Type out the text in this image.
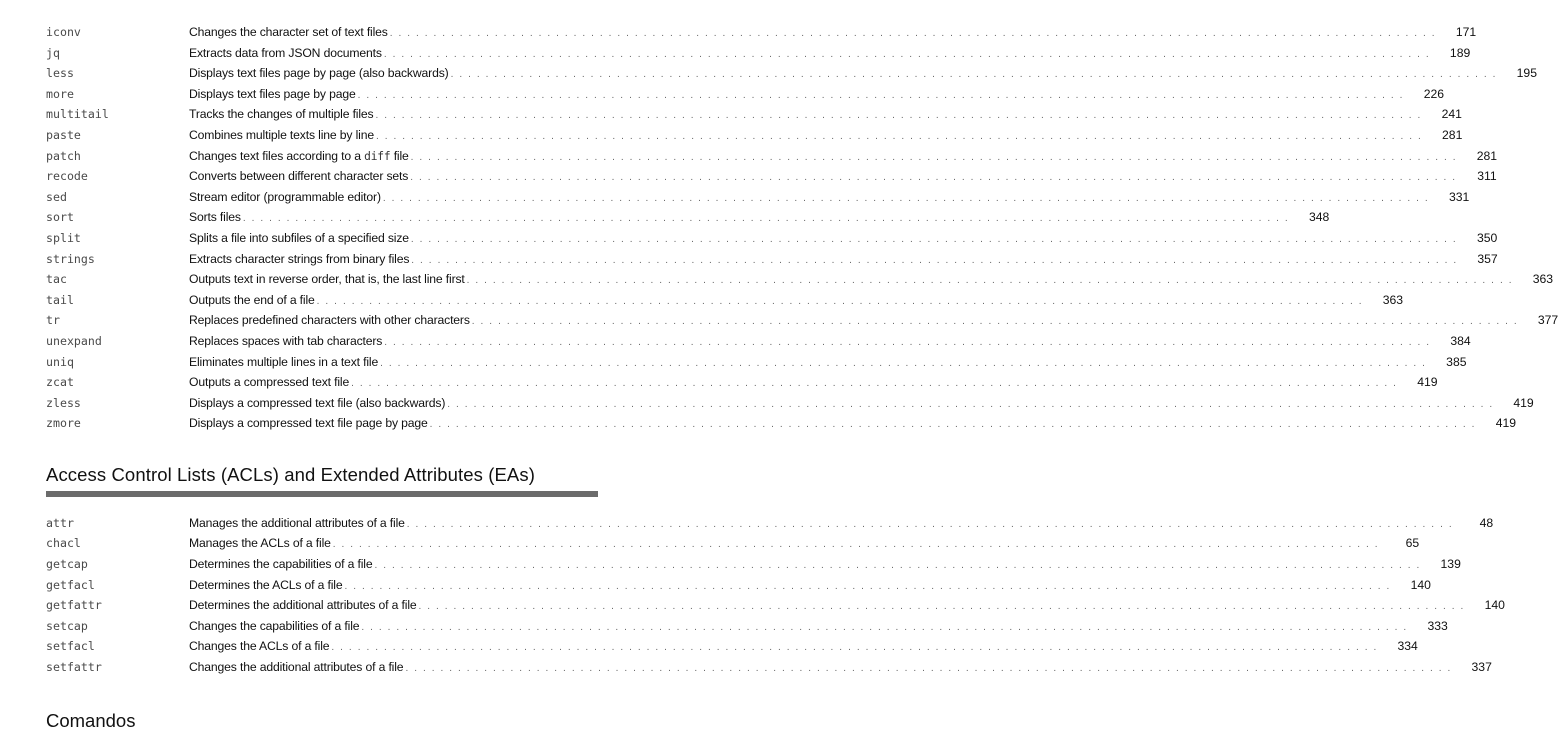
iconv	Changes the character set of text files . . . . . . . . . . . . . . . . . . . . . . . . . . . . . . . . . . . . . . . . . . . . . . . . . . . . . . . . . . . . . . . . . . . . . . . . . . . . . . . . . . . . . . . . . . . . . . . . . . . . . . . . . . . . . . . . . . . . . . . .	171
jq	Extracts data from JSON documents . . . . . . . . . . . . . . . . . . . . . . . . . . . . . . . . . . . . . . . . . . . . . . . . . . . . . . . . . . . . . . . . . . . . . . . . . . . . . . . . . . . . . . . . . . . . . . . . . . . . . . . . . . . . . . . . . . . . . . . .	189
less	Displays text files page by page (also backwards) . . . . . . . . . . . . . . . . . . . . . . . . . . . . . . . . . . . . . . . . . . . . . . . . . . . . . . . . . . . . . . . . . . . . . . . . . . . . . . . . . . . . . . . . . . . . . . . . . . . . . . . . . . . . . . . . . . . . . . . .	195
more	Displays text files page by page . . . . . . . . . . . . . . . . . . . . . . . . . . . . . . . . . . . . . . . . . . . . . . . . . . . . . . . . . . . . . . . . . . . . . . . . . . . . . . . . . . . . . . . . . . . . . . . . . . . . . . . . . . . . . . . . . . . . . . . .	226
multitail	Tracks the changes of multiple files . . . . . . . . . . . . . . . . . . . . . . . . . . . . . . . . . . . . . . . . . . . . . . . . . . . . . . . . . . . . . . . . . . . . . . . . . . . . . . . . . . . . . . . . . . . . . . . . . . . . . . . . . . . . . . . . . . . . . . . .	241
paste	Combines multiple texts line by line . . . . . . . . . . . . . . . . . . . . . . . . . . . . . . . . . . . . . . . . . . . . . . . . . . . . . . . . . . . . . . . . . . . . . . . . . . . . . . . . . . . . . . . . . . . . . . . . . . . . . . . . . . . . . . . . . . . . . . . .	281
patch	Changes text files according to a diff file . . . . . . . . . . . . . . . . . . . . . . . . . . . . . . . . . . . . . . . . . . . . . . . . . . . . . . . . . . . . . . . . . . . . . . . . . . . . . . . . . . . . . . . . . . . . . . . . . . . . . . . . . . . . . . . . . . . . . . . .	281
recode	Converts between different character sets . . . . . . . . . . . . . . . . . . . . . . . . . . . . . . . . . . . . . . . . . . . . . . . . . . . . . . . . . . . . . . . . . . . . . . . . . . . . . . . . . . . . . . . . . . . . . . . . . . . . . . . . . . . . . . . . . . . . . . . .	311
sed	Stream editor (programmable editor) . . . . . . . . . . . . . . . . . . . . . . . . . . . . . . . . . . . . . . . . . . . . . . . . . . . . . . . . . . . . . . . . . . . . . . . . . . . . . . . . . . . . . . . . . . . . . . . . . . . . . . . . . . . . . . . . . . . . . . . .	331
sort	Sorts files . . . . . . . . . . . . . . . . . . . . . . . . . . . . . . . . . . . . . . . . . . . . . . . . . . . . . . . . . . . . . . . . . . . . . . . . . . . . . . . . . . . . . . . . . . . . . . . . . . . . . . . . . . . . . . . . . . . . . . . .	348
split	Splits a file into subfiles of a specified size . . . . . . . . . . . . . . . . . . . . . . . . . . . . . . . . . . . . . . . . . . . . . . . . . . . . . . . . . . . . . . . . . . . . . . . . . . . . . . . . . . . . . . . . . . . . . . . . . . . . . . . . . . . . . . . . . . . . . . . .	350
strings	Extracts character strings from binary files . . . . . . . . . . . . . . . . . . . . . . . . . . . . . . . . . . . . . . . . . . . . . . . . . . . . . . . . . . . . . . . . . . . . . . . . . . . . . . . . . . . . . . . . . . . . . . . . . . . . . . . . . . . . . . . . . . . . . . . .	357
tac	Outputs text in reverse order, that is, the last line first . . . . . . . . . . . . . . . . . . . . . . . . . . . . . . . . . . . . . . . . . . . . . . . . . . . . . . . . . . . . . . . . . . . . . . . . . . . . . . . . . . . . . . . . . . . . . . . . . . . . . . . . . . . . . . . . . . . . . . . .	363
tail	Outputs the end of a file . . . . . . . . . . . . . . . . . . . . . . . . . . . . . . . . . . . . . . . . . . . . . . . . . . . . . . . . . . . . . . . . . . . . . . . . . . . . . . . . . . . . . . . . . . . . . . . . . . . . . . . . . . . . . . . . . . . . . . . .	363
tr	Replaces predefined characters with other characters . . . . . . . . . . . . . . . . . . . . . . . . . . . . . . . . . . . . . . . . . . . . . . . . . . . . . . . . . . . . . . . . . . . . . . . . . . . . . . . . . . . . . . . . . . . . . . . . . . . . . . . . . . . . . . . . . . . . . . . .	377
unexpand	Replaces spaces with tab characters . . . . . . . . . . . . . . . . . . . . . . . . . . . . . . . . . . . . . . . . . . . . . . . . . . . . . . . . . . . . . . . . . . . . . . . . . . . . . . . . . . . . . . . . . . . . . . . . . . . . . . . . . . . . . . . . . . . . . . . .	384
uniq	Eliminates multiple lines in a text file . . . . . . . . . . . . . . . . . . . . . . . . . . . . . . . . . . . . . . . . . . . . . . . . . . . . . . . . . . . . . . . . . . . . . . . . . . . . . . . . . . . . . . . . . . . . . . . . . . . . . . . . . . . . . . . . . . . . . . . .	385
zcat	Outputs a compressed text file . . . . . . . . . . . . . . . . . . . . . . . . . . . . . . . . . . . . . . . . . . . . . . . . . . . . . . . . . . . . . . . . . . . . . . . . . . . . . . . . . . . . . . . . . . . . . . . . . . . . . . . . . . . . . . . . . . . . . . . .	419
zless	Displays a compressed text file (also backwards) . . . . . . . . . . . . . . . . . . . . . . . . . . . . . . . . . . . . . . . . . . . . . . . . . . . . . . . . . . . . . . . . . . . . . . . . . . . . . . . . . . . . . . . . . . . . . . . . . . . . . . . . . . . . . . . . . . . . . . . .	419
zmore	Displays a compressed text file page by page . . . . . . . . . . . . . . . . . . . . . . . . . . . . . . . . . . . . . . . . . . . . . . . . . . . . . . . . . . . . . . . . . . . . . . . . . . . . . . . . . . . . . . . . . . . . . . . . . . . . . . . . . . . . . . . . . . . . . . . .	419
Access Control Lists (ACLs) and Extended Attributes (EAs)
attr	Manages the additional attributes of a file . . . . . . . . . . . . . . . . . . . . . . . . . . . . . . . . . . . . . . . . . . . . . . . . . . . . . . . . . . . . . . . . . . . . . . . . . . . . . . . . . . . . . . . . . . . . . . . . . . . . . . . . . . . . . . . . . . . . . . . .	48
chacl	Manages the ACLs of a file . . . . . . . . . . . . . . . . . . . . . . . . . . . . . . . . . . . . . . . . . . . . . . . . . . . . . . . . . . . . . . . . . . . . . . . . . . . . . . . . . . . . . . . . . . . . . . . . . . . . . . . . . . . . . . . . . . . . . . . .	65
getcap	Determines the capabilities of a file . . . . . . . . . . . . . . . . . . . . . . . . . . . . . . . . . . . . . . . . . . . . . . . . . . . . . . . . . . . . . . . . . . . . . . . . . . . . . . . . . . . . . . . . . . . . . . . . . . . . . . . . . . . . . . . . . . . . . . . .	139
getfacl	Determines the ACLs of a file . . . . . . . . . . . . . . . . . . . . . . . . . . . . . . . . . . . . . . . . . . . . . . . . . . . . . . . . . . . . . . . . . . . . . . . . . . . . . . . . . . . . . . . . . . . . . . . . . . . . . . . . . . . . . . . . . . . . . . . .	140
getfattr	Determines the additional attributes of a file . . . . . . . . . . . . . . . . . . . . . . . . . . . . . . . . . . . . . . . . . . . . . . . . . . . . . . . . . . . . . . . . . . . . . . . . . . . . . . . . . . . . . . . . . . . . . . . . . . . . . . . . . . . . . . . . . . . . . . . .	140
setcap	Changes the capabilities of a file . . . . . . . . . . . . . . . . . . . . . . . . . . . . . . . . . . . . . . . . . . . . . . . . . . . . . . . . . . . . . . . . . . . . . . . . . . . . . . . . . . . . . . . . . . . . . . . . . . . . . . . . . . . . . . . . . . . . . . . .	333
setfacl	Changes the ACLs of a file . . . . . . . . . . . . . . . . . . . . . . . . . . . . . . . . . . . . . . . . . . . . . . . . . . . . . . . . . . . . . . . . . . . . . . . . . . . . . . . . . . . . . . . . . . . . . . . . . . . . . . . . . . . . . . . . . . . . . . . .	334
setfattr	Changes the additional attributes of a file . . . . . . . . . . . . . . . . . . . . . . . . . . . . . . . . . . . . . . . . . . . . . . . . . . . . . . . . . . . . . . . . . . . . . . . . . . . . . . . . . . . . . . . . . . . . . . . . . . . . . . . . . . . . . . . . . . . . . . . .	337
Comandos
